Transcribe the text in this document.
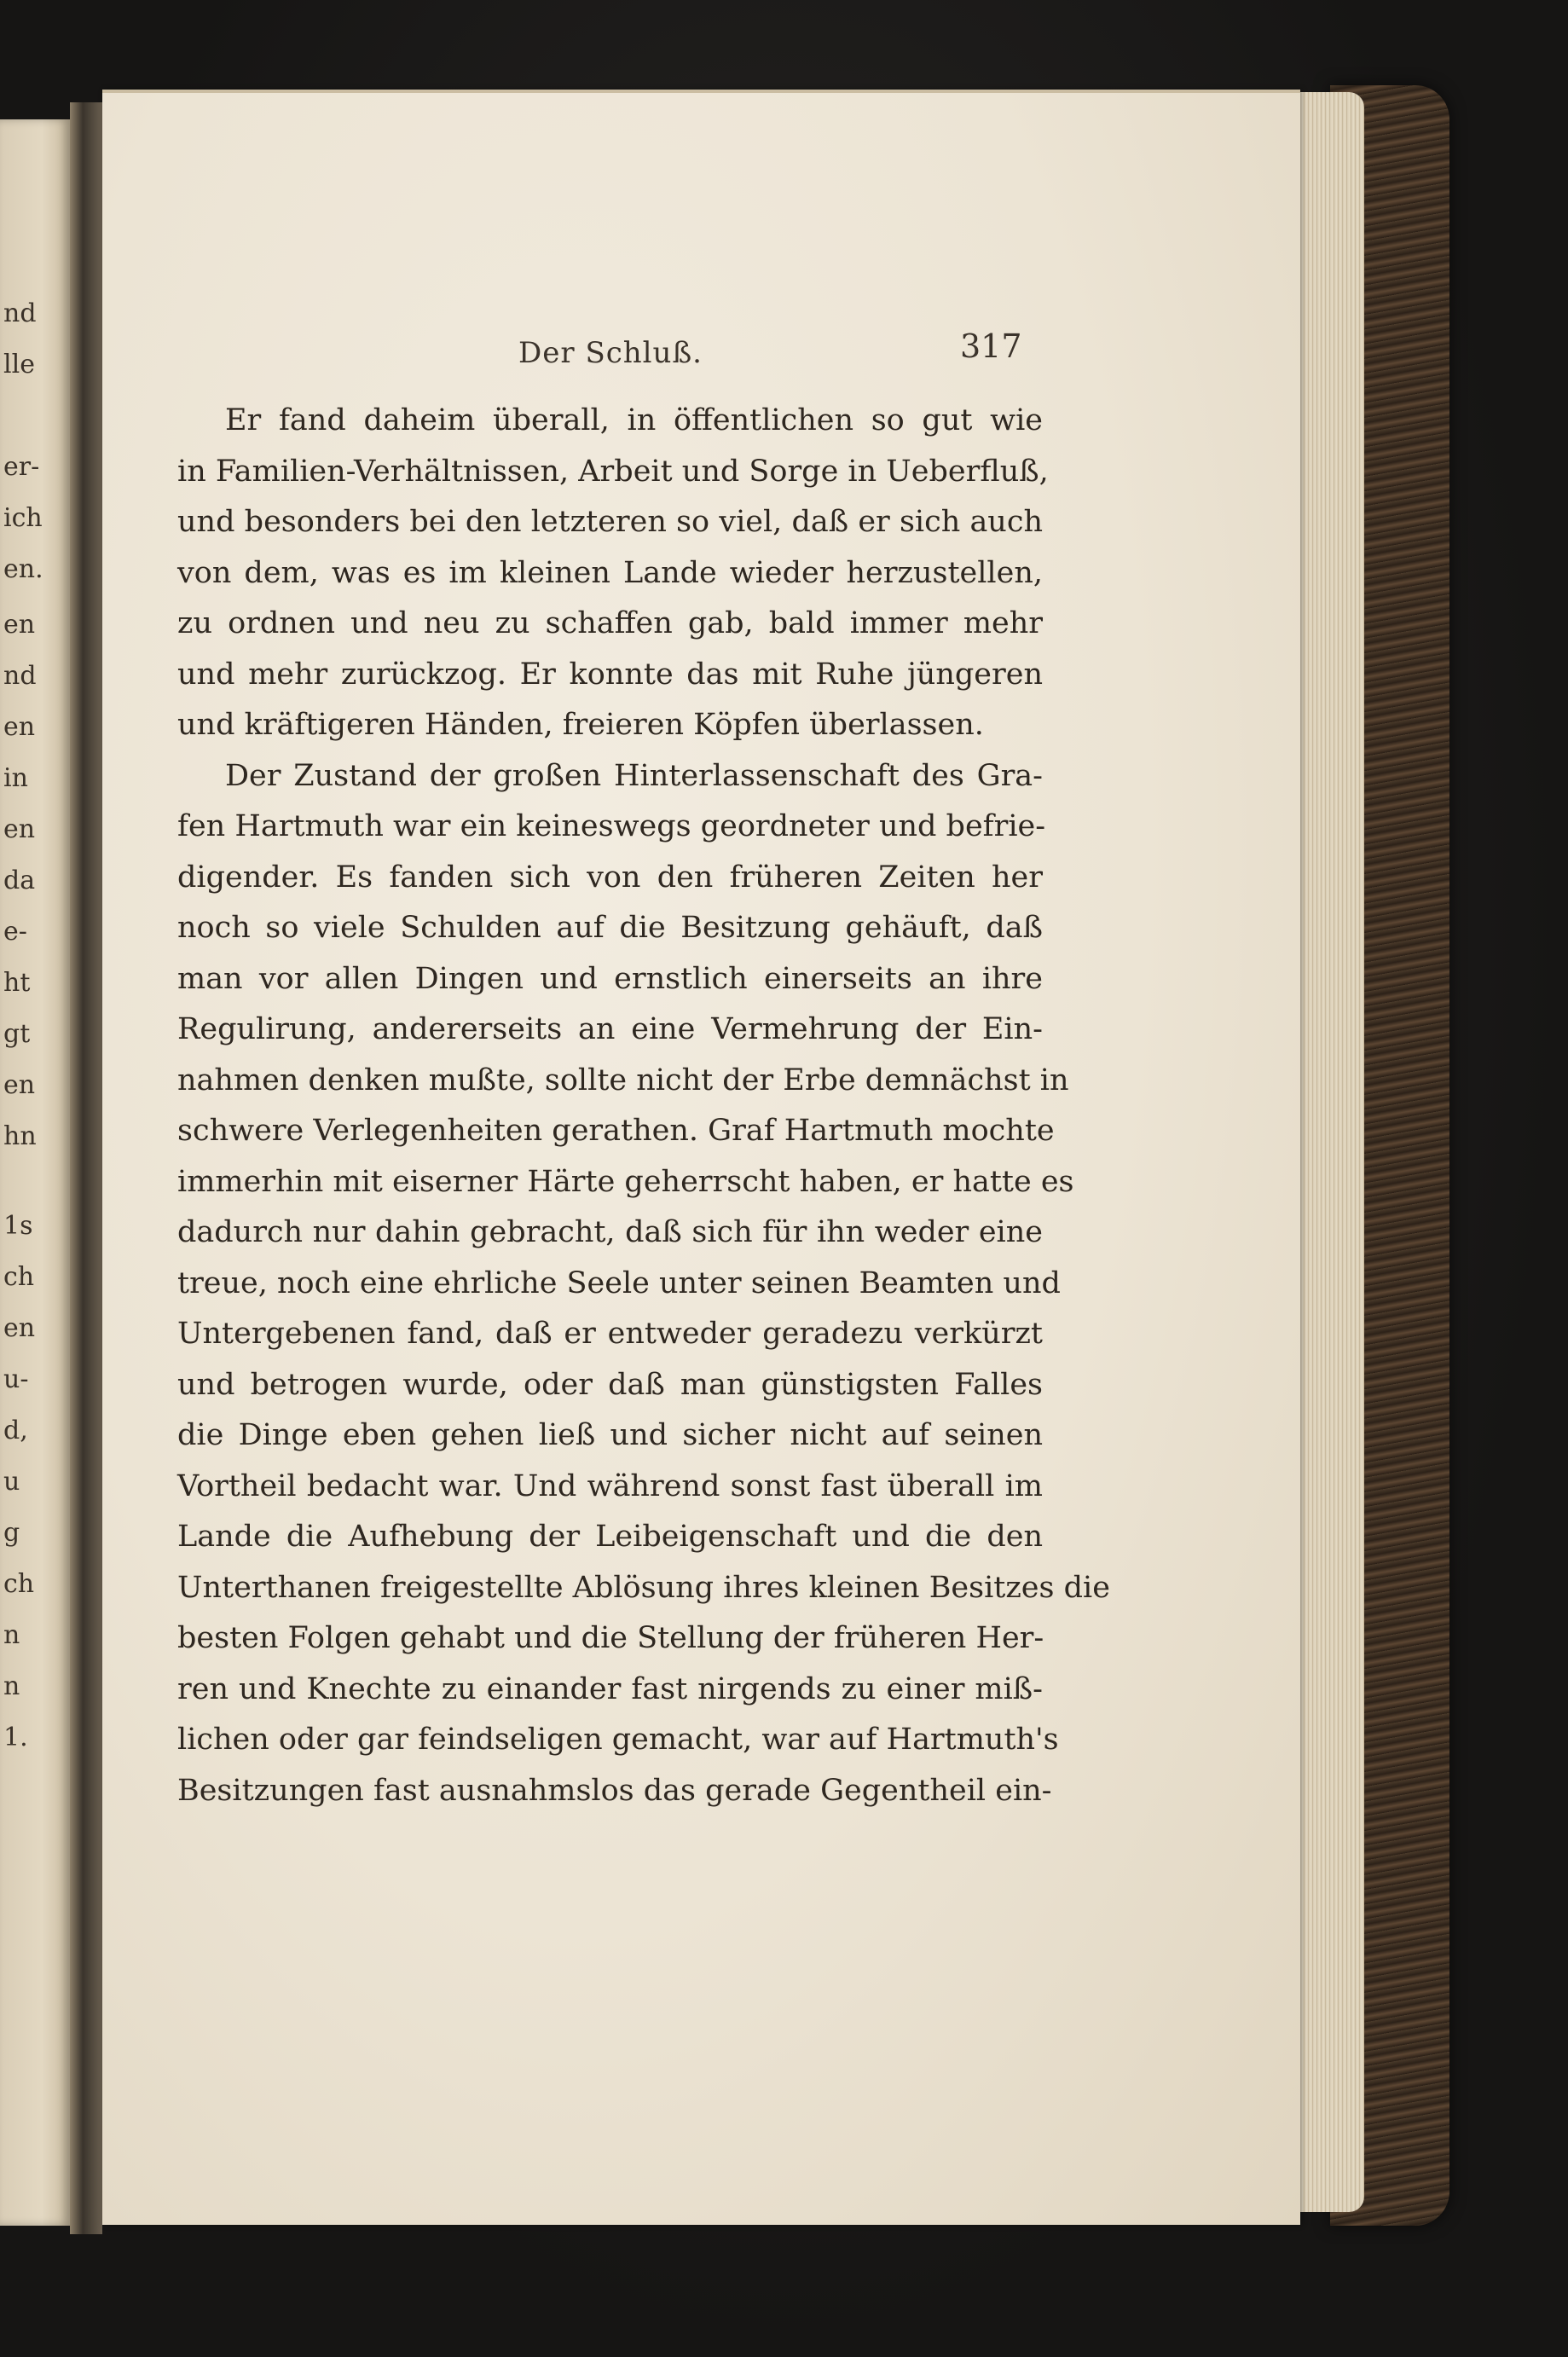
nd
lle
er-
ich
en.
en
nd
en
in
en
da
e-
ht
gt
en
hn
1s
ch
en
u-
d,
u
g
ch
n
n
1.
Der Schluß.	317
Er fand daheim überall, in öffentlichen so gut wie
in Familien-Verhältnissen, Arbeit und Sorge in Ueberfluß,
und besonders bei den letzteren so viel, daß er sich auch
von dem, was es im kleinen Lande wieder herzustellen,
zu ordnen und neu zu schaffen gab, bald immer mehr
und mehr zurückzog. Er konnte das mit Ruhe jüngeren
und kräftigeren Händen, freieren Köpfen überlassen.
Der Zustand der großen Hinterlassenschaft des Gra-
fen Hartmuth war ein keineswegs geordneter und befrie-
digender. Es fanden sich von den früheren Zeiten her
noch so viele Schulden auf die Besitzung gehäuft, daß
man vor allen Dingen und ernstlich einerseits an ihre
Regulirung, andererseits an eine Vermehrung der Ein-
nahmen denken mußte, sollte nicht der Erbe demnächst in
schwere Verlegenheiten gerathen. Graf Hartmuth mochte
immerhin mit eiserner Härte geherrscht haben, er hatte es
dadurch nur dahin gebracht, daß sich für ihn weder eine
treue, noch eine ehrliche Seele unter seinen Beamten und
Untergebenen fand, daß er entweder geradezu verkürzt
und betrogen wurde, oder daß man günstigsten Falles
die Dinge eben gehen ließ und sicher nicht auf seinen
Vortheil bedacht war. Und während sonst fast überall im
Lande die Aufhebung der Leibeigenschaft und die den
Unterthanen freigestellte Ablösung ihres kleinen Besitzes die
besten Folgen gehabt und die Stellung der früheren Her-
ren und Knechte zu einander fast nirgends zu einer miß-
lichen oder gar feindseligen gemacht, war auf Hartmuth's
Besitzungen fast ausnahmslos das gerade Gegentheil ein-
